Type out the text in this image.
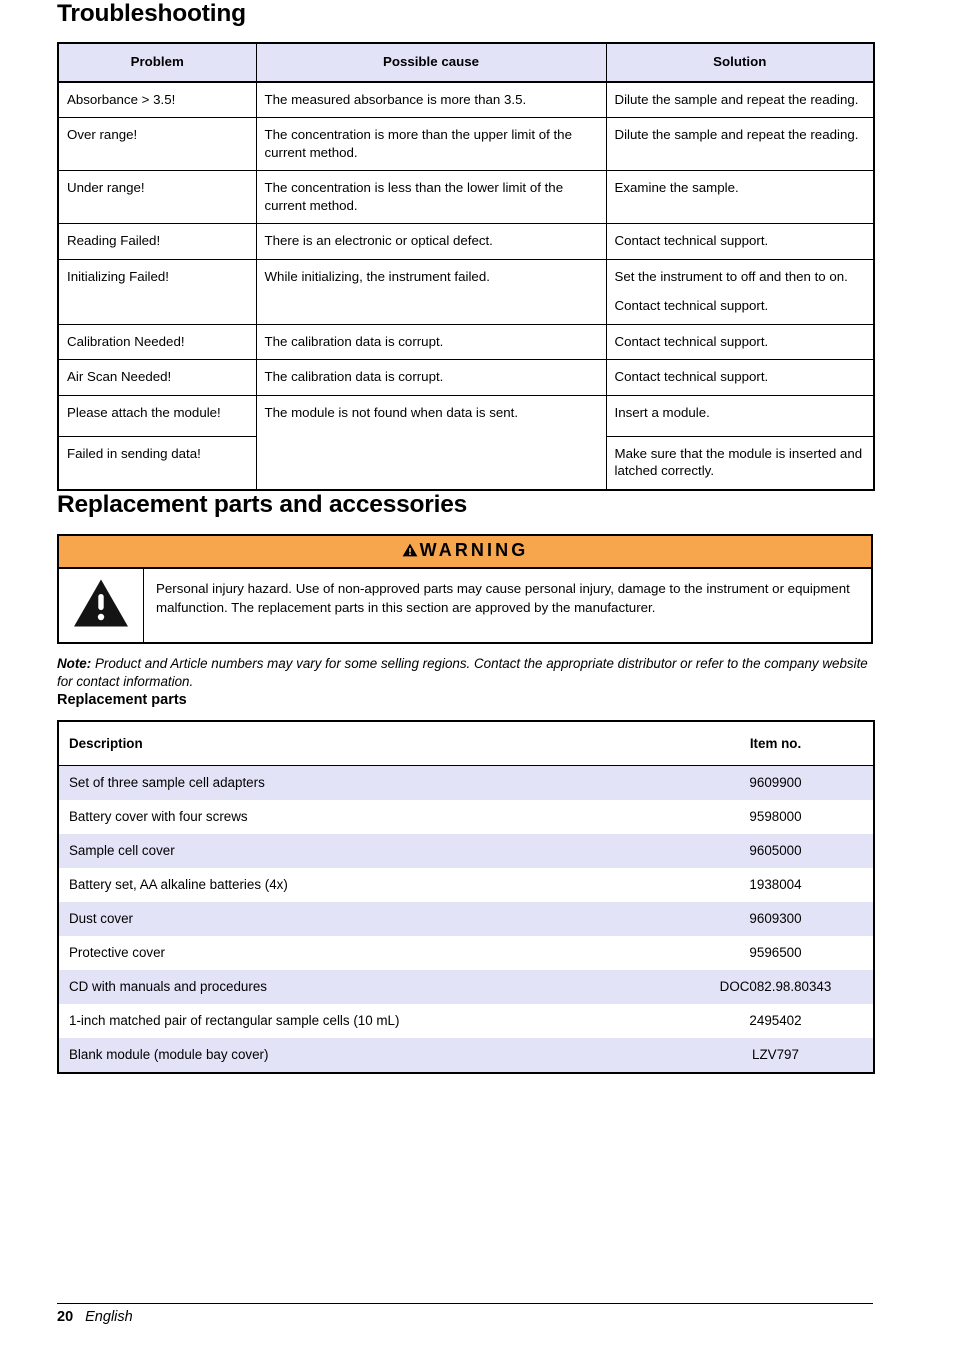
Troubleshooting
Problem	Possible cause	Solution
Absorbance > 3.5!	The measured absorbance is more than 3.5.	Dilute the sample and repeat the reading.

Over range!	The concentration is more than the upper limit of the current method.	Dilute the sample and repeat the reading.

Under range!	The concentration is less than the lower limit of the current method.	Examine the sample.

Reading Failed!	There is an electronic or optical defect.	Contact technical support.

Initializing Failed!	While initializing, the instrument failed.	Set the instrument to off and then to on.
Contact technical support.

Calibration Needed!	The calibration data is corrupt.	Contact technical support.

Air Scan Needed!	The calibration data is corrupt.	Contact technical support.
Please attach the module!	The module is not found when data is sent.	Insert a module.
Failed in sending data!		Make sure that the module is inserted and latched correctly.
Replacement parts and accessories
WARNING
Personal injury hazard. Use of non-approved parts may cause personal injury, damage to the instrument or equipment malfunction. The replacement parts in this section are approved by the manufacturer.
Note: Product and Article numbers may vary for some selling regions. Contact the appropriate distributor or refer to the company website for contact information.
Replacement parts
Description	Item no.
Set of three sample cell adapters	9609900
Battery cover with four screws	9598000
Sample cell cover	9605000
Battery set, AA alkaline batteries (4x)	1938004
Dust cover	9609300
Protective cover	9596500
CD with manuals and procedures	DOC082.98.80343
1-inch matched pair of rectangular sample cells (10 mL)	2495402
Blank module (module bay cover)	LZV797
20 English
